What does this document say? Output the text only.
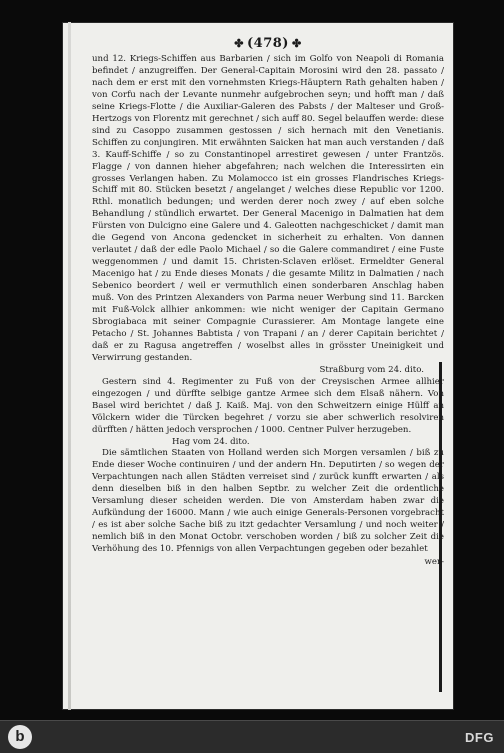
✤ (478) ✤

und 12. Kriegs-Schiffen aus Barbarien / sich im Golfo von Neapoli di Romania befindet / anzugreiffen. Der General-Capitain Morosini wird den 28. passato / nach dem er erst mit den vornehmsten Kriegs-Häuptern Rath gehalten haben / von Corfu nach der Levante nunmehr aufgebrochen seyn; und hofft man / daß seine Kriegs-Flotte / die Auxiliar-Galeren des Pabsts / der Malteser und Groß-Hertzogs von Florentz mit gerechnet / sich auff 80. Segel belauffen werde: diese sind zu Casoppo zusammen gestossen / sich hernach mit den Venetianis. Schiffen zu conjungiren. Mit erwähnten Saicken hat man auch verstanden / daß 3. Kauff-Schiffe / so zu Constantinopel arrestiret gewesen / unter Frantzös. Flagge / von dannen hieher abgefahren; nach welchen die Interessirten ein grosses Verlangen haben. Zu Molamocco ist ein grosses Flandrisches Kriegs-Schiff mit 80. Stücken besetzt / angelanget / welches diese Republic vor 1200. Rthl. monatlich bedungen; und werden derer noch zwey / auf eben solche Behandlung / stündlich erwartet. Der General Macenigo in Dalmatien hat dem Fürsten von Dulcigno eine Galere und 4. Galeotten nachgeschicket / damit man die Gegend von Ancona gedencket in sicherheit zu erhalten. Von dannen verlautet / daß der edle Paolo Michael / so die Galere commandiret / eine Fuste weggenommen / und damit 15. Christen-Sclaven erlöset. Ermeldter General Macenigo hat / zu Ende dieses Monats / die gesamte Militz in Dalmatien / nach Sebenico beordert / weil er vermuthlich einen sonderbaren Anschlag haben muß. Von des Printzen Alexanders von Parma neuer Werbung sind 11. Barcken mit Fuß-Volck allhier ankommen: wie nicht weniger der Capitain Germano Sbrogiabaca mit seiner Compagnie Curassierer. Am Montage langete eine Petacho / St. Johannes Babtista / von Trapani / an / derer Capitain berichtet / daß er zu Ragusa angetreffen / woselbst alles in grösster Uneinigkeit und Verwirrung gestanden.

Straßburg vom 24. dito.

Gestern sind 4. Regimenter zu Fuß von der Creysischen Armee allhier eingezogen / und dürffte selbige gantze Armee sich dem Elsaß nähern. Von Basel wird berichtet / daß J. Kaiß. Maj. von den Schweitzern einige Hülff an Völckern wider die Türcken begehret / vorzu sie aber schwerlich resolviren dürfften / hätten jedoch versprochen / 1000. Centner Pulver herzugeben.

Hag vom 24. dito.

Die sämtlichen Staaten von Holland werden sich Morgen versamlen / biß zu Ende dieser Woche continuiren / und der andern Hn. Deputirten / so wegen der Verpachtungen nach allen Städten verreiset sind / zurück kunfft erwarten / als denn dieselben biß in den halben Septbr. zu welcher Zeit die ordentliche Versamlung dieser scheiden werden. Die von Amsterdam haben zwar die Aufkündung der 16000. Mann / wie auch einige Generals-Personen vorgebracht / es ist aber solche Sache biß zu itzt gedachter Versamlung / und noch weiter / nemlich biß in den Monat Octobr. verschoben worden / biß zu solcher Zeit die Verhöhung des 10. Pfennigs von allen Verpachtungen gegeben oder bezahlet

wer-
b	DFG
